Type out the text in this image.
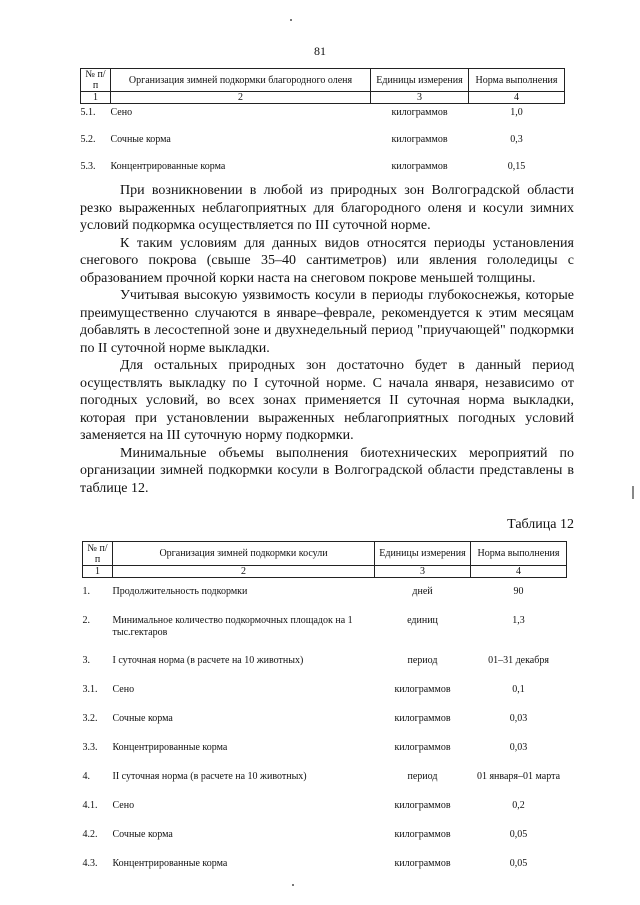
81
№ п/п	Организация зимней подкормки благородного оленя	Единицы измерения	Норма выполнения
1	2	3	4
5.1.	Сено	килограммов	1,0
5.2.	Сочные корма	килограммов	0,3
5.3.	Концентрированные корма	килограммов	0,15

При возникновении в любой из природных зон Волгоградской области резко выраженных неблагоприятных для благородного оленя и косули зимних условий подкормка осуществляется по III суточной норме.

К таким условиям для данных видов относятся периоды установления снегового покрова (свыше 35–40 сантиметров) или явления гололедицы с образованием прочной корки наста на снеговом покрове меньшей толщины.

Учитывая высокую уязвимость косули в периоды глубокоснежья, которые преимущественно случаются в январе–феврале, рекомендуется к этим месяцам добавлять в лесостепной зоне и двухнедельный период "приучающей" подкормки по II суточной норме выкладки.

Для остальных природных зон достаточно будет в данный период осуществлять выкладку по I суточной норме. С начала января, независимо от погодных условий, во всех зонах применяется II суточная норма выкладки, которая при установлении выраженных неблагоприятных погодных условий заменяется на III суточную норму подкормки.

Минимальные объемы выполнения биотехнических мероприятий по организации зимней подкормки косули в Волгоградской области представлены в таблице 12.

Таблица 12
№ п/п	Организация зимней подкормки косули	Единицы измерения	Норма выполнения
1	2	3	4
1.	Продолжительность подкормки	дней	90
2.	Минимальное количество подкормочных площадок на 1 тыс.гектаров	единиц	1,3
3.	I суточная норма (в расчете на 10 животных)	период	01–31 декабря
3.1.	Сено	килограммов	0,1
3.2.	Сочные корма	килограммов	0,03
3.3.	Концентрированные корма	килограммов	0,03
4.	II суточная норма (в расчете на 10 животных)	период	01 января–01 марта
4.1.	Сено	килограммов	0,2
4.2.	Сочные корма	килограммов	0,05
4.3.	Концентрированные корма	килограммов	0,05
